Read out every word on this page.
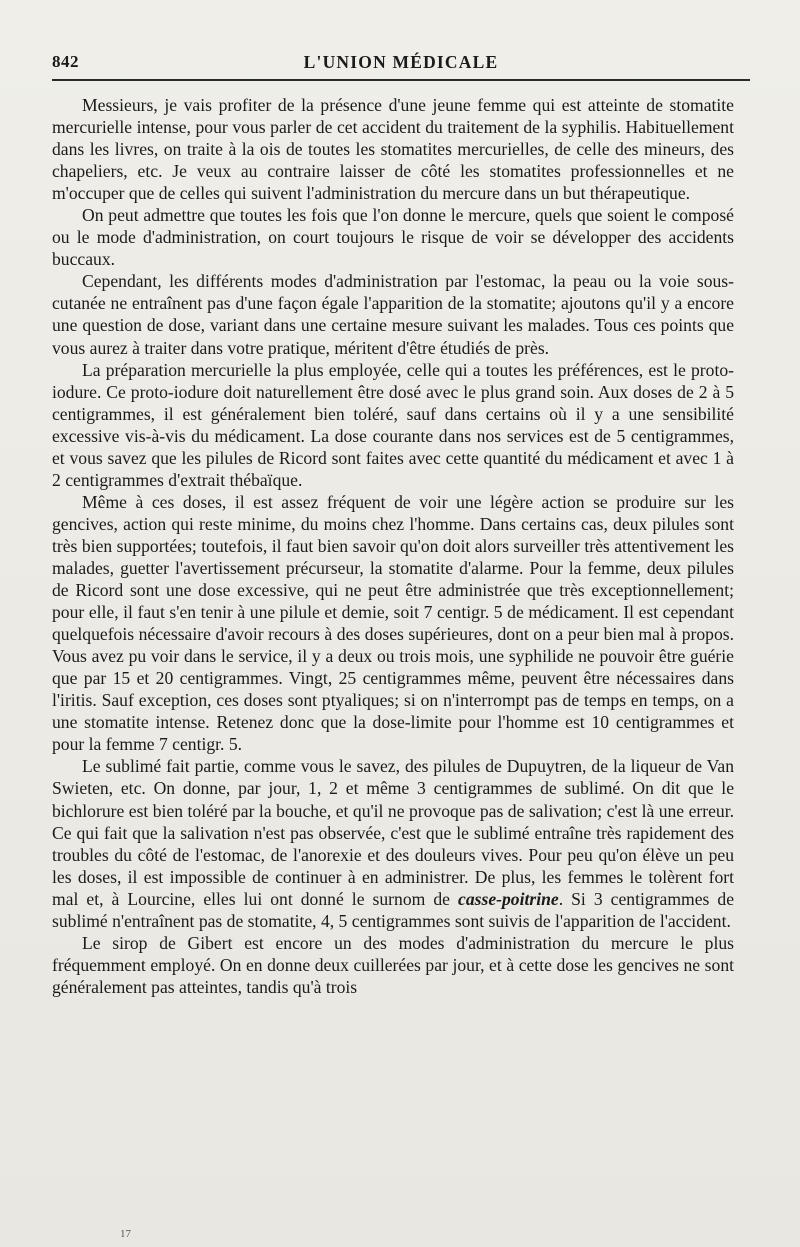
842	L'UNION MÉDICALE

Messieurs, je vais profiter de la présence d'une jeune femme qui est atteinte de stomatite mercurielle intense, pour vous parler de cet accident du traitement de la syphilis. Habituellement dans les livres, on traite à la ois de toutes les stomatites mercurielles, de celle des mineurs, des chapeliers, etc. Je veux au contraire laisser de côté les stomatites professionnelles et ne m'occuper que de celles qui suivent l'administration du mercure dans un but thérapeutique.

On peut admettre que toutes les fois que l'on donne le mercure, quels que soient le composé ou le mode d'administration, on court toujours le risque de voir se développer des accidents buccaux.

Cependant, les différents modes d'administration par l'estomac, la peau ou la voie sous-cutanée ne entraînent pas d'une façon égale l'apparition de la stomatite; ajoutons qu'il y a encore une question de dose, variant dans une certaine mesure suivant les malades. Tous ces points que vous aurez à traiter dans votre pratique, méritent d'être étudiés de près.

La préparation mercurielle la plus employée, celle qui a toutes les préférences, est le proto-iodure. Ce proto-iodure doit naturellement être dosé avec le plus grand soin. Aux doses de 2 à 5 centigrammes, il est généralement bien toléré, sauf dans certains où il y a une sensibilité excessive vis-à-vis du médicament. La dose courante dans nos services est de 5 centigrammes, et vous savez que les pilules de Ricord sont faites avec cette quantité du médicament et avec 1 à 2 centigrammes d'extrait thébaïque.

Même à ces doses, il est assez fréquent de voir une légère action se produire sur les gencives, action qui reste minime, du moins chez l'homme. Dans certains cas, deux pilules sont très bien supportées; toutefois, il faut bien savoir qu'on doit alors surveiller très attentivement les malades, guetter l'avertissement précurseur, la stomatite d'alarme. Pour la femme, deux pilules de Ricord sont une dose excessive, qui ne peut être administrée que très exceptionnellement; pour elle, il faut s'en tenir à une pilule et demie, soit 7 centigr. 5 de médicament. Il est cependant quelquefois nécessaire d'avoir recours à des doses supérieures, dont on a peur bien mal à propos. Vous avez pu voir dans le service, il y a deux ou trois mois, une syphilide ne pouvoir être guérie que par 15 et 20 centigrammes. Vingt, 25 centigrammes même, peuvent être nécessaires dans l'iritis. Sauf exception, ces doses sont ptyaliques; si on n'interrompt pas de temps en temps, on a une stomatite intense. Retenez donc que la dose-limite pour l'homme est 10 centigrammes et pour la femme 7 centigr. 5.

Le sublimé fait partie, comme vous le savez, des pilules de Dupuytren, de la liqueur de Van Swieten, etc. On donne, par jour, 1, 2 et même 3 centigrammes de sublimé. On dit que le bichlorure est bien toléré par la bouche, et qu'il ne provoque pas de salivation; c'est là une erreur. Ce qui fait que la salivation n'est pas observée, c'est que le sublimé entraîne très rapidement des troubles du côté de l'estomac, de l'anorexie et des douleurs vives. Pour peu qu'on élève un peu les doses, il est impossible de continuer à en administrer. De plus, les femmes le tolèrent fort mal et, à Lourcine, elles lui ont donné le surnom de casse-poitrine. Si 3 centigrammes de sublimé n'entraînent pas de stomatite, 4, 5 centigrammes sont suivis de l'apparition de l'accident.

Le sirop de Gibert est encore un des modes d'administration du mercure le plus fréquemment employé. On en donne deux cuillerées par jour, et à cette dose les gencives ne sont généralement pas atteintes, tandis qu'à trois

17
